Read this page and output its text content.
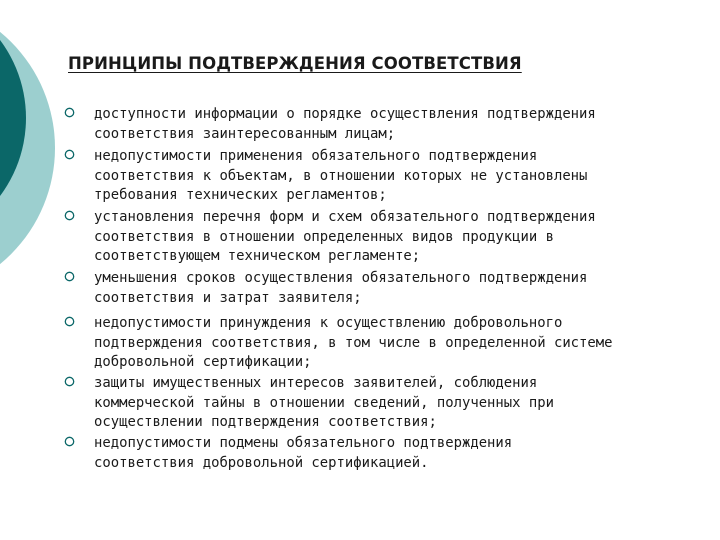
ПРИНЦИПЫ ПОДТВЕРЖДЕНИЯ СООТВЕТСТВИЯ
доступности информации о порядке осуществления подтверждения
соответствия заинтересованным лицам;
недопустимости применения обязательного подтверждения
соответствия к объектам, в отношении которых не установлены
требования технических регламентов;
установления перечня форм и схем обязательного подтверждения
соответствия в отношении определенных видов продукции в
соответствующем техническом регламенте;
уменьшения сроков осуществления обязательного подтверждения
соответствия и затрат заявителя;
недопустимости принуждения к осуществлению добровольного
подтверждения соответствия, в том числе в определенной системе
добровольной сертификации;
защиты имущественных интересов заявителей, соблюдения
коммерческой тайны в отношении сведений, полученных при
осуществлении подтверждения соответствия;
недопустимости подмены обязательного подтверждения
соответствия добровольной сертификацией.
